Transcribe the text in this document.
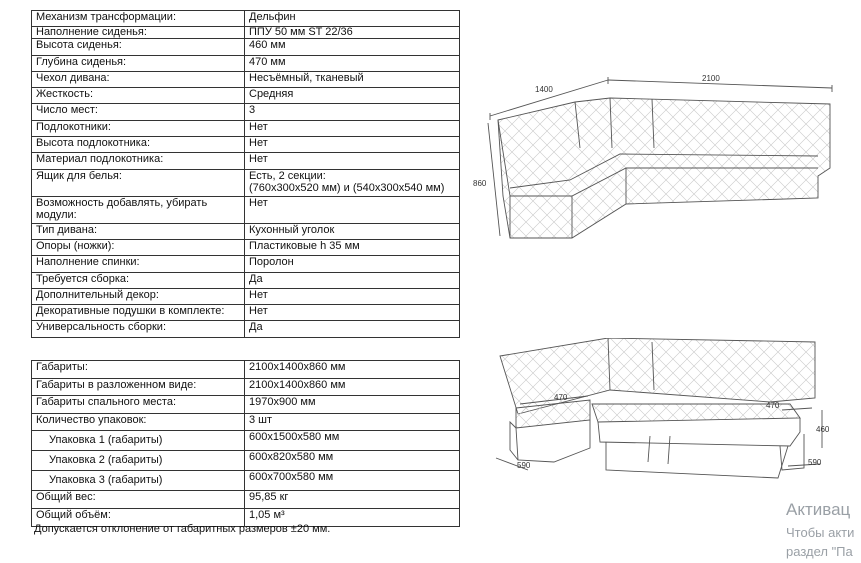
Механизм трансформации:	Дельфин
Наполнение сиденья:	ППУ 50 мм ST 22/36
Высота сиденья:	460 мм
Глубина сиденья:	470 мм
Чехол дивана:	Несъёмный, тканевый
Жесткость:	Средняя
Число мест:	3
Подлокотники:	Нет
Высота подлокотника:	Нет
Материал подлокотника:	Нет
Ящик для белья:	Есть, 2 секции:
(760x300x520 мм) и (540x300x540 мм)

Возможность добавлять, убирать модули:	Нет
Тип дивана:	Кухонный уголок
Опоры (ножки):	Пластиковые h 35 мм
Наполнение спинки:	Поролон
Требуется сборка:	Да
Дополнительный декор:	Нет
Декоративные подушки в комплекте:	Нет
Универсальность сборки:	Да
Габариты:	2100x1400x860 мм
Габариты в разложенном виде:	2100x1400x860 мм
Габариты спального места:	1970x900 мм
Количество упаковок:	3 шт
Упаковка 1 (габариты)	600x1500x580 мм
Упаковка 2 (габариты)	600x820x580 мм
Упаковка 3 (габариты)	600x700x580 мм
Общий вес:	95,85 кг
Общий объём:	1,05 м³
Допускается отклонение от габаритных размеров ±20 мм.
1400
2100
860
470
470
460
590	590
Активац
Чтобы акти
раздел "Па
